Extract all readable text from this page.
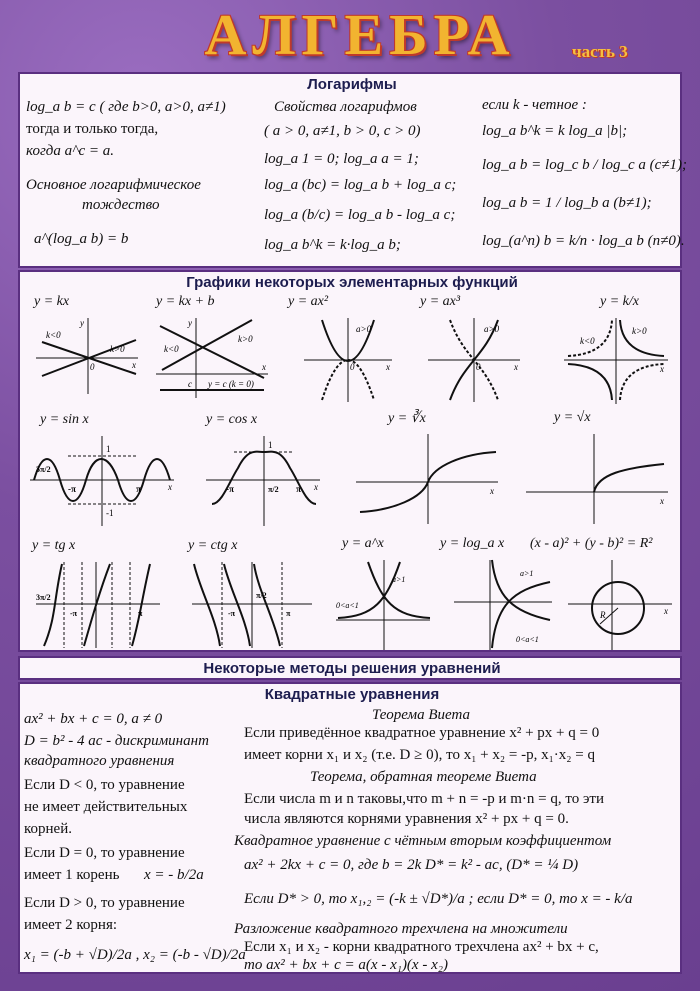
АЛГЕБРА	часть 3
Логарифмы
log_a b = c ( где b>0, a>0, a≠1)
тогда и только тогда,
когда a^c = a.
Основное логарифмическое
тождество
a^(log_a b) = b
Свойства логарифмов
( a > 0, a≠1, b > 0, c > 0)
log_a 1 = 0; log_a a = 1;
log_a (bc) = log_a b + log_a c;
log_a (b/c) = log_a b - log_a c;
log_a b^k = k·log_a b;
если k - четное :
log_a b^k = k log_a |b|;
log_a b = log_c b / log_c a (c≠1);
log_a b = 1 / log_b a (b≠1);
log_(a^n) b = k/n · log_a b (n≠0).
Графики некоторых элементарных функций
y = kx	y = kx + b	y = ax²	y = ax³	y = k/x
y
x
k<0
k>0
0
y
x
k<0
k>0
y = c (k = 0)
c
a>0
x
0
a>0
x
0
k<0
k>0
x
y = sin x	y = cos x	y = ∛x	y = √x
1
-1
-π	π
3π/2
x
1
-π	π
π/2	x	x
x
y = tg x	y = ctg x	y = a^x	y = log_a x (x - a)² + (y - b)² = R²
3π/2
-π	π	-π	π
π/2
a>1
0<a<1
a>1
0<a<1
R	x
Некоторые методы решения уравнений
Квадратные уравнения
ax² + bx + c = 0, a ≠ 0
D = b² - 4 ac - дискриминант
квадратного уравнения
Если D < 0, то уравнение
не имеет действительных
корней.
Если D = 0, то уравнение
имеет 1 корень x = - b/2a
Если D > 0, то уравнение
имеет 2 корня:
x₁ = (-b + √D)/2a , x₂ = (-b - √D)/2a
Теорема Виета
Если приведённое квадратное уравнение x² + px + q = 0
имеет корни x₁ и x₂ (т.е. D ≥ 0), то x₁ + x₂ = -p, x₁·x₂ = q
Теорема, обратная теореме Виета
Если числа m и n таковы,что m + n = -p и m·n = q, то эти
числа являются корнями уравнения x² + px + q = 0.
Квадратное уравнение с чётным вторым коэффициентом
ax² + 2kx + c = 0, где b = 2k D* = k² - ac, (D* = ¼ D)
Если D* > 0, то x₁,₂ = (-k ± √D*)/a ; если D* = 0, то x = - k/a
Разложение квадратного трехчлена на множители
Если x₁ и x₂ - корни квадратного трехчлена ax² + bx + c,
то ax² + bx + c = a(x - x₁)(x - x₂)
